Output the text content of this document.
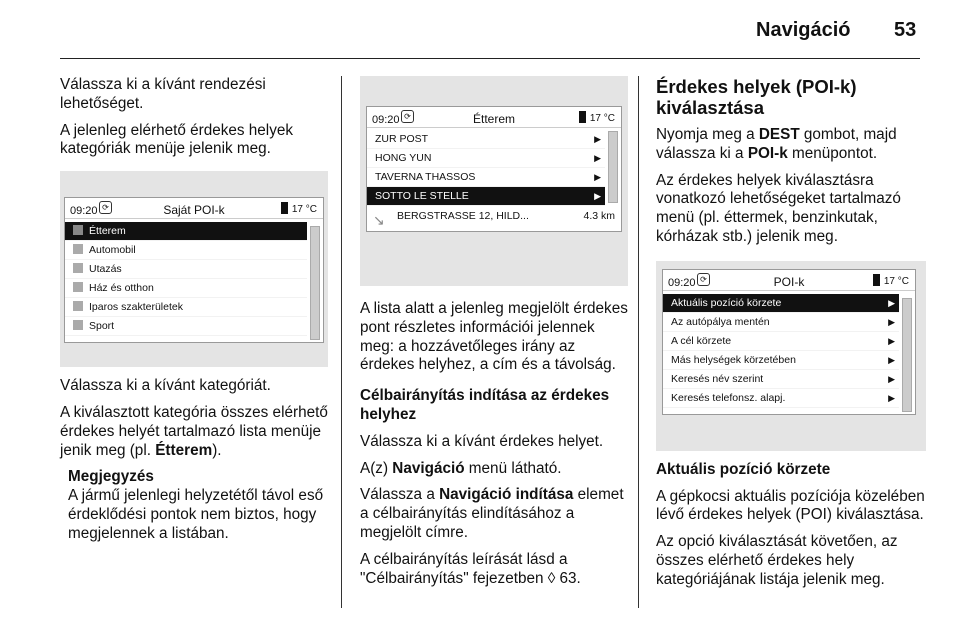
Navigáció 53

Válassza ki a kívánt rendezési lehetőséget.

A jelenleg elérhető érdekes helyek kategóriák menüje jelenik meg.

09:20 ⟳	Saját POI-k	17 °C
Étterem
Automobil
Utazás
Ház és otthon
Iparos szakterületek
Sport

Válassza ki a kívánt kategóriát.

A kiválasztott kategória összes elérhető érdekes helyét tartalmazó lista menüje jenik meg (pl. Étterem).

Megjegyzés
A jármű jelenlegi helyzetétől távol eső érdeklődési pontok nem biztos, hogy megjelennek a listában.
09:20 ⟳	Étterem	17 °C
ZUR POST	▶
HONG YUN	▶
TAVERNA THASSOS	▶
SOTTO LE STELLE	▶
↘ BERGSTRASSE 12, HILD...	4.3 km

A lista alatt a jelenleg megjelölt érdekes pont részletes információi jelennek meg: a hozzávetőleges irány az érdekes helyhez, a cím és a távolság.

Célbairányítás indítása az érdekes helyhez

Válassza ki a kívánt érdekes helyet.

A(z) Navigáció menü látható.

Válassza a Navigáció indítása elemet a célbairányítás elindításához a megjelölt címre.

A célbairányítás leírását lásd a "Célbairányítás" fejezetben ◊ 63.

Érdekes helyek (POI-k) kiválasztása

Nyomja meg a DEST gombot, majd válassza ki a POI-k menüpontot.

Az érdekes helyek kiválasztásra vonatkozó lehetőségeket tartalmazó menü (pl. éttermek, benzinkutak, kórházak stb.) jelenik meg.

09:20 ⟳	POI-k	17 °C
Aktuális pozíció körzete	▶
Az autópálya mentén	▶
A cél körzete	▶
Más helységek körzetében	▶
Keresés név szerint	▶
Keresés telefonsz. alapj.	▶

Aktuális pozíció körzete

A gépkocsi aktuális pozíciója közelében lévő érdekes helyek (POI) kiválasztása.

Az opció kiválasztását követően, az összes elérhető érdekes hely kategóriájának listája jelenik meg.
